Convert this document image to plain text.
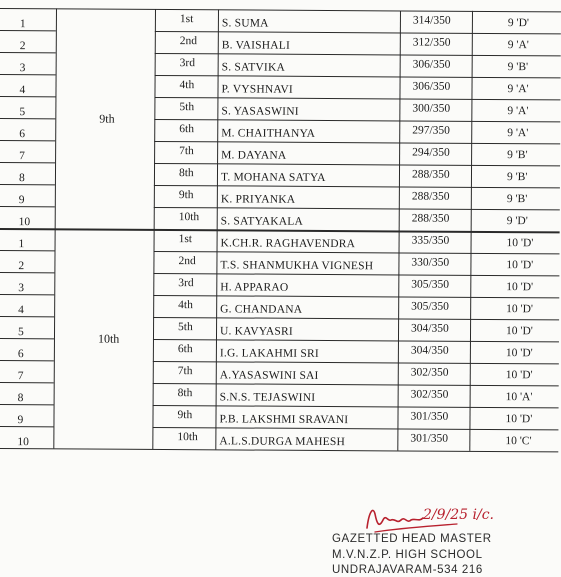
9th
1	1st S. SUMA	314/350	9 'D'
2	2nd B. VAISHALI	312/350	9 'A'
3	3rd S. SATVIKA	306/350	9 'B'
4	4th P. VYSHNAVI	306/350	9 'A'
5	5th S. YASASWINI	300/350	9 'A'
6	6th M. CHAITHANYA	297/350	9 'A'
7	7th M. DAYANA	294/350	9 'B'
8	8th T. MOHANA SATYA	288/350	9 'B'
9	9th K. PRIYANKA	288/350	9 'B'
10	10th S. SATYAKALA	288/350	9 'D'
10th
1	1st K.CH.R. RAGHAVENDRA	335/350	10 'D'
2	2nd T.S. SHANMUKHA VIGNESH	330/350	10 'D'
3	3rd H. APPARAO	305/350	10 'D'
4	4th G. CHANDANA	305/350	10 'D'
5	5th U. KAVYASRI	304/350	10 'D'
6	6th I.G. LAKAHMI SRI	304/350	10 'D'
7	7th A.YASASWINI SAI	302/350	10 'D'
8	8th S.N.S. TEJASWINI	302/350	10 'A'
9	9th P.B. LAKSHMI SRAVANI	301/350	10 'D'
10	10th A.L.S.DURGA MAHESH	301/350	10 'C'
2/9/25 i/c.
GAZETTED HEAD MASTER
M.V.N.Z.P. HIGH SCHOOL
UNDRAJAVARAM-534 216
